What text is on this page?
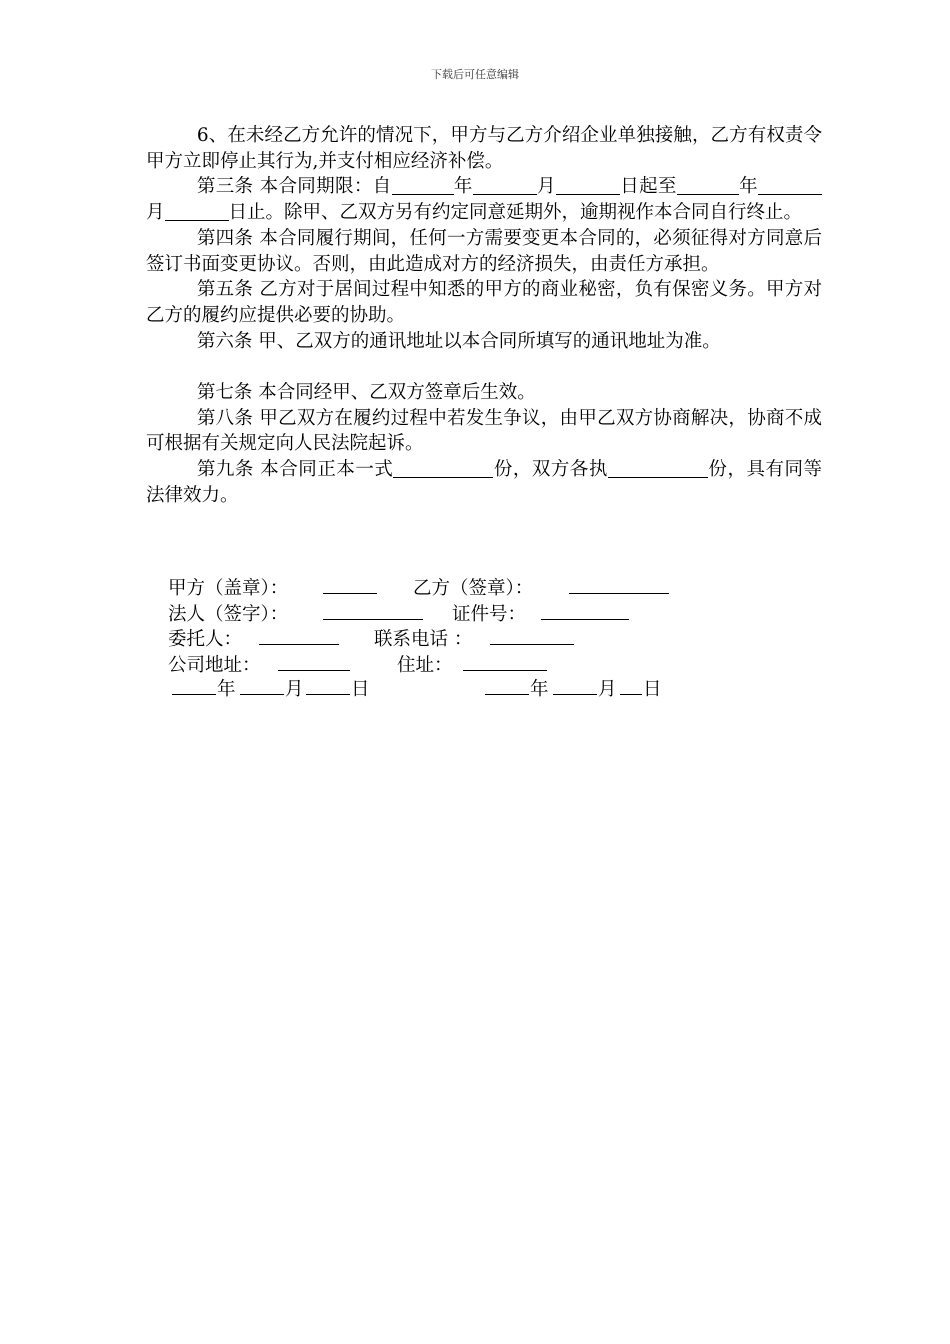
下载后可任意编辑

6、在未经乙方允许的情况下，甲方与乙方介绍企业单独接触，乙方有权责令甲方立即停止其行为,并支付相应经济补偿。

第三条 本合同期限：自	年	月	日起至	年月	日止。除甲、乙双方另有约定同意延期外，逾期视作本合同自行终止。

第四条 本合同履行期间，任何一方需要变更本合同的，必须征得对方同意后签订书面变更协议。否则，由此造成对方的经济损失，由责任方承担。

第五条 乙方对于居间过程中知悉的甲方的商业秘密，负有保密义务。甲方对乙方的履约应提供必要的协助。

第六条 甲、乙双方的通讯地址以本合同所填写的通讯地址为准。

第七条 本合同经甲、乙双方签章后生效。

第八条 甲乙双方在履约过程中若发生争议，由甲乙双方协商解决，协商不成可根据有关规定向人民法院起诉。

第九条 本合同正本一式	份，双方各执	份，具有同等法律效力。

甲方（盖章）：	乙方（签章）：
法人（签字）：	证件号：
委托人：	联系电话 ：
公司地址：	住址：
年	月	日	年	月 日
